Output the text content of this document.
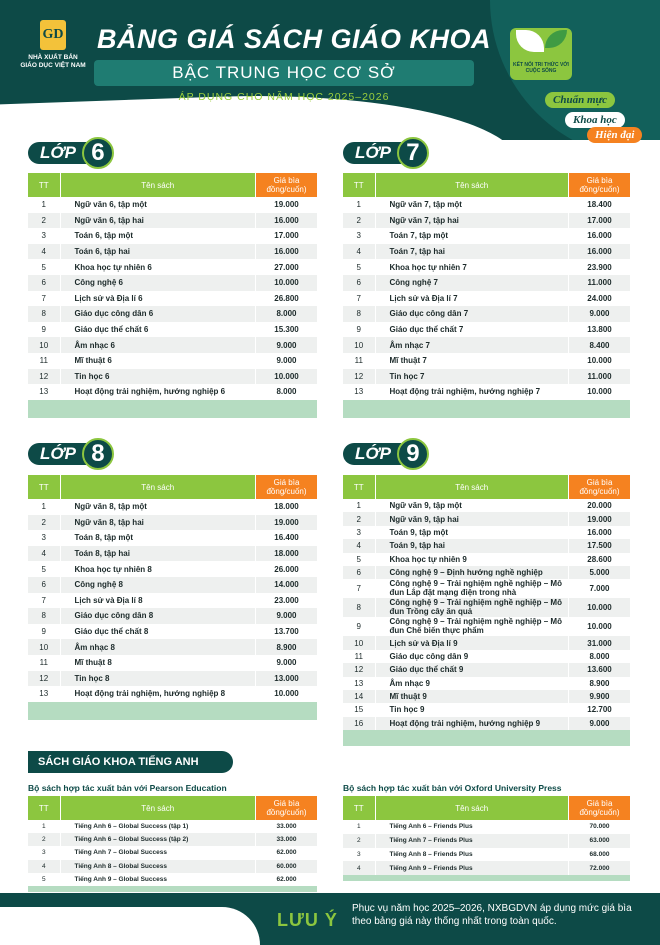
GD
NHÀ XUẤT BẢN
GIÁO DỤC VIỆT NAM
BẢNG GIÁ SÁCH GIÁO KHOA
BẬC TRUNG HỌC CƠ SỞ
ÁP DỤNG CHO NĂM HỌC 2025–2026
KẾT NỐI TRI THỨC VỚI CUỘC SỐNG
Chuẩn mực
Khoa học
Hiện đại
LỚP 6
TT	Tên sách	Giá bìa
đồng/cuốn)

1	Ngữ văn 6, tập một	19.000
2	Ngữ văn 6, tập hai	16.000
3	Toán 6, tập một	17.000
4	Toán 6, tập hai	16.000
5	Khoa học tự nhiên 6	27.000
6	Công nghệ 6	10.000
7	Lịch sử và Địa lí 6	26.800
8	Giáo dục công dân 6	8.000
9	Giáo dục thể chất 6	15.300
10	Âm nhạc 6	9.000
11	Mĩ thuật 6	9.000
12	Tin học 6	10.000
13	Hoạt động trải nghiệm, hướng nghiệp 6	8.000

LỚP 7
TT	Tên sách	Giá bìa
đồng/cuốn)

1	Ngữ văn 7, tập một	18.400
2	Ngữ văn 7, tập hai	17.000
3	Toán 7, tập một	16.000
4	Toán 7, tập hai	16.000
5	Khoa học tự nhiên 7	23.900
6	Công nghệ 7	11.000
7	Lịch sử và Địa lí 7	24.000
8	Giáo dục công dân 7	9.000
9	Giáo dục thể chất 7	13.800
10	Âm nhạc 7	8.400
11	Mĩ thuật 7	10.000
12	Tin học 7	11.000
13	Hoạt động trải nghiệm, hướng nghiệp 7	10.000

LỚP 8
TT	Tên sách	Giá bìa
đồng/cuốn)

1	Ngữ văn 8, tập một	18.000
2	Ngữ văn 8, tập hai	19.000
3	Toán 8, tập một	16.400
4	Toán 8, tập hai	18.000
5	Khoa học tự nhiên 8	26.000
6	Công nghệ 8	14.000
7	Lịch sử và Địa lí 8	23.000
8	Giáo dục công dân 8	9.000
9	Giáo dục thể chất 8	13.700
10	Âm nhạc 8	8.900
11	Mĩ thuật 8	9.000
12	Tin học 8	13.000
13	Hoạt động trải nghiệm, hướng nghiệp 8	10.000

LỚP 9
TT	Tên sách	Giá bìa
đồng/cuốn)

1	Ngữ văn 9, tập một	20.000
2	Ngữ văn 9, tập hai	19.000
3	Toán 9, tập một	16.000
4	Toán 9, tập hai	17.500
5	Khoa học tự nhiên 9	28.600
6	Công nghệ 9 – Định hướng nghề nghiệp	5.000
7	Công nghệ 9 – Trải nghiệm nghề nghiệp – Mô đun Lắp đặt mạng điện trong nhà	7.000
8	Công nghệ 9 – Trải nghiệm nghề nghiệp – Mô đun Trồng cây ăn quả	10.000
9	Công nghệ 9 – Trải nghiệm nghề nghiệp – Mô đun Chế biến thực phẩm	10.000
10	Lịch sử và Địa lí 9	31.000
11	Giáo dục công dân 9	8.000
12	Giáo dục thể chất 9	13.600
13	Âm nhạc 9	8.900
14	Mĩ thuật 9	9.900
15	Tin học 9	12.700
16	Hoạt động trải nghiệm, hướng nghiệp 9	9.000

SÁCH GIÁO KHOA TIẾNG ANH
Bộ sách hợp tác xuất bản với Pearson Education
TT	Tên sách	Giá bìa
đồng/cuốn)

1	Tiếng Anh 6 – Global Success (tập 1)	33.000
2	Tiếng Anh 6 – Global Success (tập 2)	33.000
3	Tiếng Anh 7 – Global Success	62.000
4	Tiếng Anh 8 – Global Success	60.000
5	Tiếng Anh 9 – Global Success	62.000

Bộ sách hợp tác xuất bản với Oxford University Press
TT	Tên sách	Giá bìa
đồng/cuốn)

1	Tiếng Anh 6 – Friends Plus	70.000
2	Tiếng Anh 7 – Friends Plus	63.000
3	Tiếng Anh 8 – Friends Plus	68.000
4	Tiếng Anh 9 – Friends Plus	72.000

LƯU Ý
Phục vụ năm học 2025–2026, NXBGDVN áp dụng mức giá bìa theo bảng giá này thống nhất trong toàn quốc.
